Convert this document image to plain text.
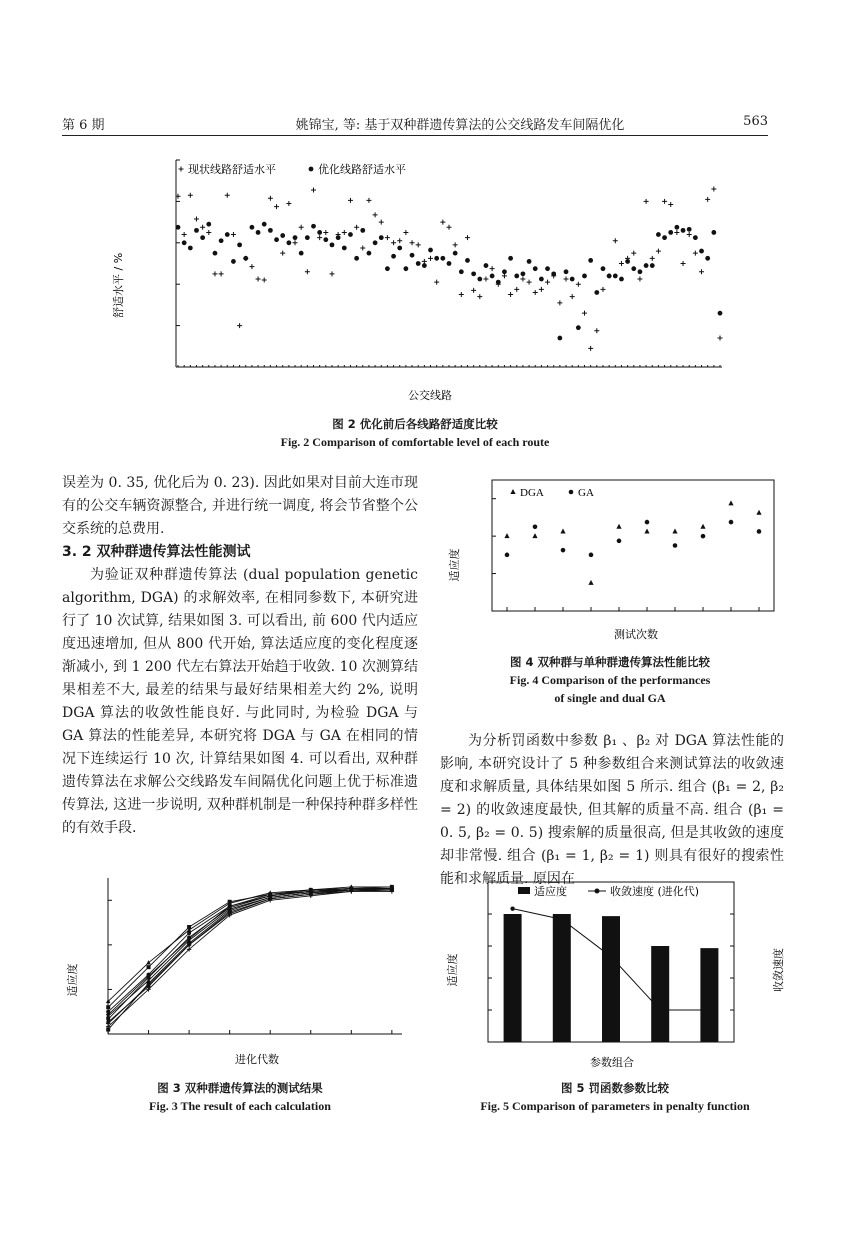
第 6 期	姚锦宝, 等: 基于双种群遗传算法的公交线路发车间隔优化	563
现状线路舒适水平	优化线路舒适水平
舒适水平 / %
公交线路
图 2 优化前后各线路舒适度比较
Fig. 2 Comparison of comfortable level of each route

误差为 0. 35, 优化后为 0. 23). 因此如果对目前大连市现有的公交车辆资源整合, 并进行统一调度, 将会节省整个公交系统的总费用.

3. 2 双种群遗传算法性能测试

为验证双种群遗传算法 (dual population genetic algorithm, DGA) 的求解效率, 在相同参数下, 本研究进行了 10 次试算, 结果如图 3. 可以看出, 前 600 代内适应度迅速增加, 但从 800 代开始, 算法适应度的变化程度逐渐减小, 到 1 200 代左右算法开始趋于收敛. 10 次测算结果相差不大, 最差的结果与最好结果相差大约 2%, 说明 DGA 算法的收敛性能良好. 与此同时, 为检验 DGA 与 GA 算法的性能差异, 本研究将 DGA 与 GA 在相同的情况下连续运行 10 次, 计算结果如图 4. 可以看出, 双种群遗传算法在求解公交线路发车间隔优化问题上优于标准遗传算法, 这进一步说明, 双种群机制是一种保持种群多样性的有效手段.

DGA	GA
适应度
测试次数
图 4 双种群与单种群遗传算法性能比较
Fig. 4 Comparison of the performances
of single and dual GA

为分析罚函数中参数 β₁ 、β₂ 对 DGA 算法性能的影响, 本研究设计了 5 种参数组合来测试算法的收敛速度和求解质量, 具体结果如图 5 所示. 组合 (β₁ = 2, β₂ = 2) 的收敛速度最快, 但其解的质量不高. 组合 (β₁ = 0. 5, β₂ = 0. 5) 搜索解的质量很高, 但是其收敛的速度却非常慢. 组合 (β₁ = 1, β₂ = 1) 则具有很好的搜索性能和求解质量. 原因在

适应度
进化代数
图 3 双种群遗传算法的测试结果
Fig. 3 The result of each calculation
适应度	收敛速度 (进化代)
适应度	收敛速度
参数组合
图 5 罚函数参数比较
Fig. 5 Comparison of parameters in penalty function
